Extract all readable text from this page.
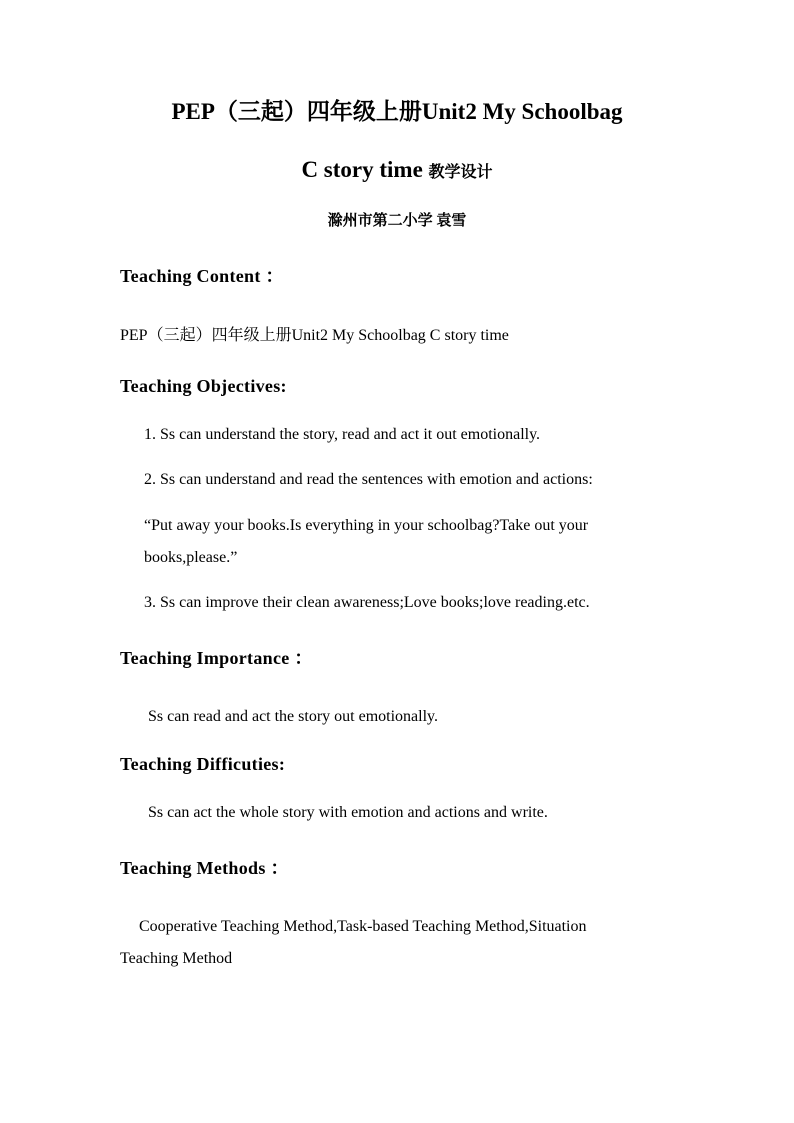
PEP（三起）四年级上册Unit2 My Schoolbag
C story time 教学设计
滁州市第二小学 袁雪
Teaching Content ：
PEP（三起）四年级上册Unit2 My Schoolbag C story time
Teaching Objectives:
1. Ss can understand the story, read and act it out emotionally.
2. Ss can understand and read the sentences with emotion and actions:
“Put away your books.Is everything in your schoolbag?Take out your
books,please.”
3. Ss can improve their clean awareness;Love books;love reading.etc.
Teaching Importance ：
Ss can read and act the story out emotionally.
Teaching Difficuties:
Ss can act the whole story with emotion and actions and write.
Teaching Methods ：
Cooperative Teaching Method,Task-based Teaching Method,Situation
Teaching Method
